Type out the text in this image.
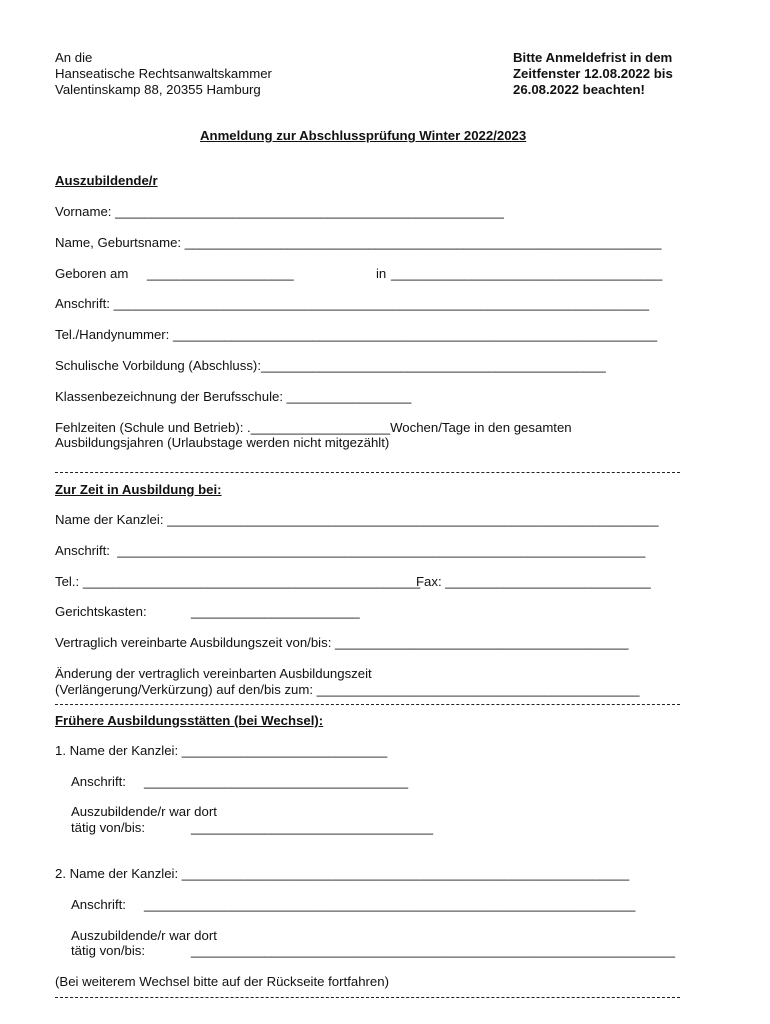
An die
Hanseatische Rechtsanwaltskammer
Valentinskamp 88, 20355 Hamburg
Bitte Anmeldefrist in dem
Zeitfenster 12.08.2022 bis
26.08.2022 beachten!
Anmeldung zur Abschlussprüfung Winter 2022/2023
Auszubildende/r
Vorname: _____________________________________________________
Name, Geburtsname: _________________________________________________________________
Geboren am ____________________	in _____________________________________
Anschrift: _________________________________________________________________________
Tel./Handynummer: __________________________________________________________________
Schulische Vorbildung (Abschluss):_______________________________________________
Klassenbezeichnung der Berufsschule: _________________
Fehlzeiten (Schule und Betrieb): .___________________Wochen/Tage in den gesamten
Ausbildungsjahren (Urlaubstage werden nicht mitgezählt)
Zur Zeit in Ausbildung bei:
Name der Kanzlei: ___________________________________________________________________
Anschrift:  ________________________________________________________________________
Tel.: ______________________________________________
Fax: ____________________________
Gerichtskasten:	_______________________
Vertraglich vereinbarte Ausbildungszeit von/bis: ________________________________________
Änderung der vertraglich vereinbarten Ausbildungszeit
(Verlängerung/Verkürzung) auf den/bis zum: ____________________________________________
Frühere Ausbildungsstätten (bei Wechsel):
1. Name der Kanzlei: ____________________________
Anschrift: ____________________________________
Auszubildende/r war dort
tätig von/bis:	_________________________________
2. Name der Kanzlei: _____________________________________________________________
Anschrift: ___________________________________________________________________
Auszubildende/r war dort
tätig von/bis:	__________________________________________________________________
(Bei weiterem Wechsel bitte auf der Rückseite fortfahren)
